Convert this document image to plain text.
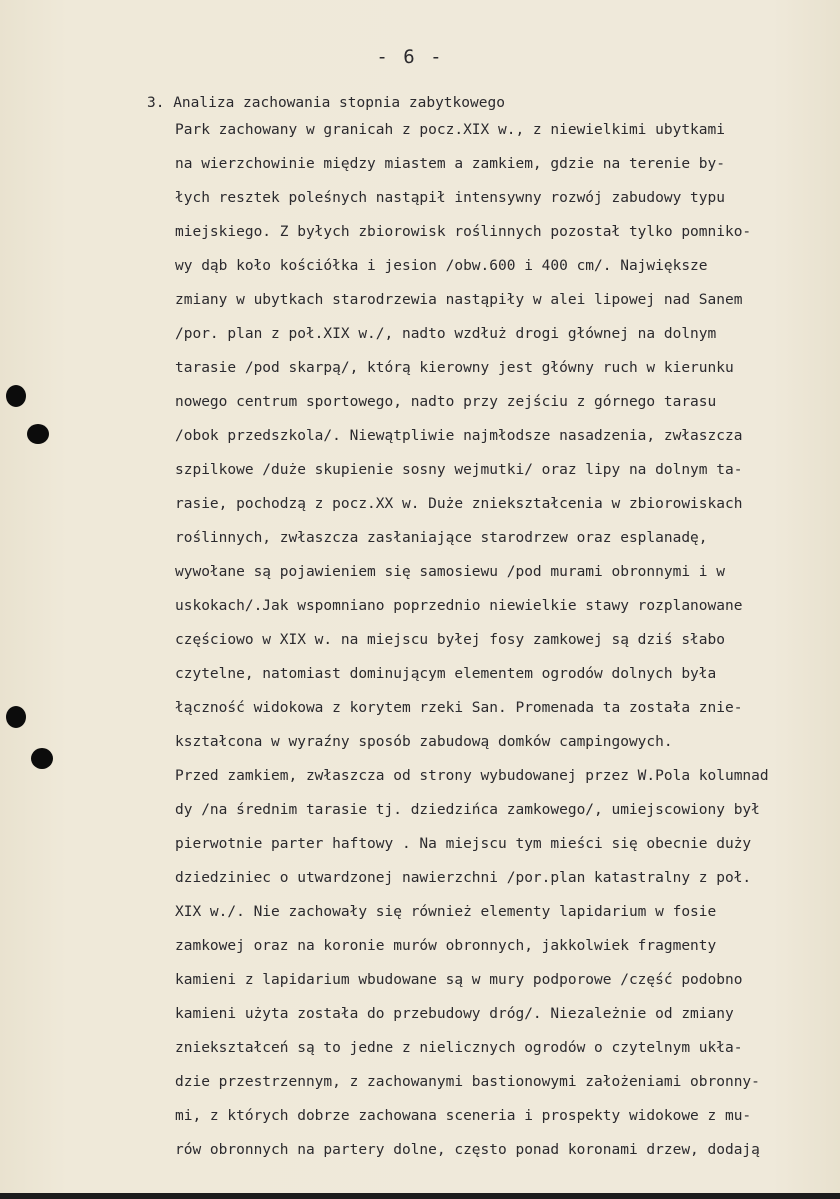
- 6 -
3. Analiza zachowania stopnia zabytkowego
Park zachowany w granicah z pocz.XIX w., z niewielkimi ubytkami
na wierzchowinie między miastem a zamkiem, gdzie na terenie by-
łych resztek poleśnych nastąpił intensywny rozwój zabudowy typu
miejskiego. Z byłych zbiorowisk roślinnych pozostał tylko pomniko-
wy dąb koło kościółka i jesion /obw.600 i 400 cm/. Największe
zmiany w ubytkach starodrzewia nastąpiły w alei lipowej nad Sanem
/por. plan z poł.XIX w./, nadto wzdłuż drogi głównej na dolnym
tarasie /pod skarpą/, którą kierowny jest główny ruch w kierunku
nowego centrum sportowego, nadto przy zejściu z górnego tarasu
/obok przedszkola/. Niewątpliwie najmłodsze nasadzenia, zwłaszcza
szpilkowe /duże skupienie sosny wejmutki/ oraz lipy na dolnym ta-
rasie, pochodzą z pocz.XX w. Duże zniekształcenia w zbiorowiskach
roślinnych, zwłaszcza zasłaniające starodrzew oraz esplanadę,
wywołane są pojawieniem się samosiewu /pod murami obronnymi i w
uskokach/.Jak wspomniano poprzednio niewielkie stawy rozplanowane
częściowo w XIX w. na miejscu byłej fosy zamkowej są dziś słabo
czytelne, natomiast dominującym elementem ogrodów dolnych była
łączność widokowa z korytem rzeki San. Promenada ta została znie-
kształcona w wyraźny sposób zabudową domków campingowych.
Przed zamkiem, zwłaszcza od strony wybudowanej przez W.Pola kolumnad
dy /na średnim tarasie tj. dziedzińca zamkowego/, umiejscowiony był
pierwotnie parter haftowy . Na miejscu tym mieści się obecnie duży
dziedziniec o utwardzonej nawierzchni /por.plan katastralny z poł.
XIX w./. Nie zachowały się również elementy lapidarium w fosie
zamkowej oraz na koronie murów obronnych, jakkolwiek fragmenty
kamieni z lapidarium wbudowane są w mury podporowe /część podobno
kamieni użyta została do przebudowy dróg/. Niezależnie od zmiany
zniekształceń są to jedne z nielicznych ogrodów o czytelnym ukła-
dzie przestrzennym, z zachowanymi bastionowymi założeniami obronny-
mi, z których dobrze zachowana sceneria i prospekty widokowe z mu-
rów obronnych na partery dolne, często ponad koronami drzew, dodają
